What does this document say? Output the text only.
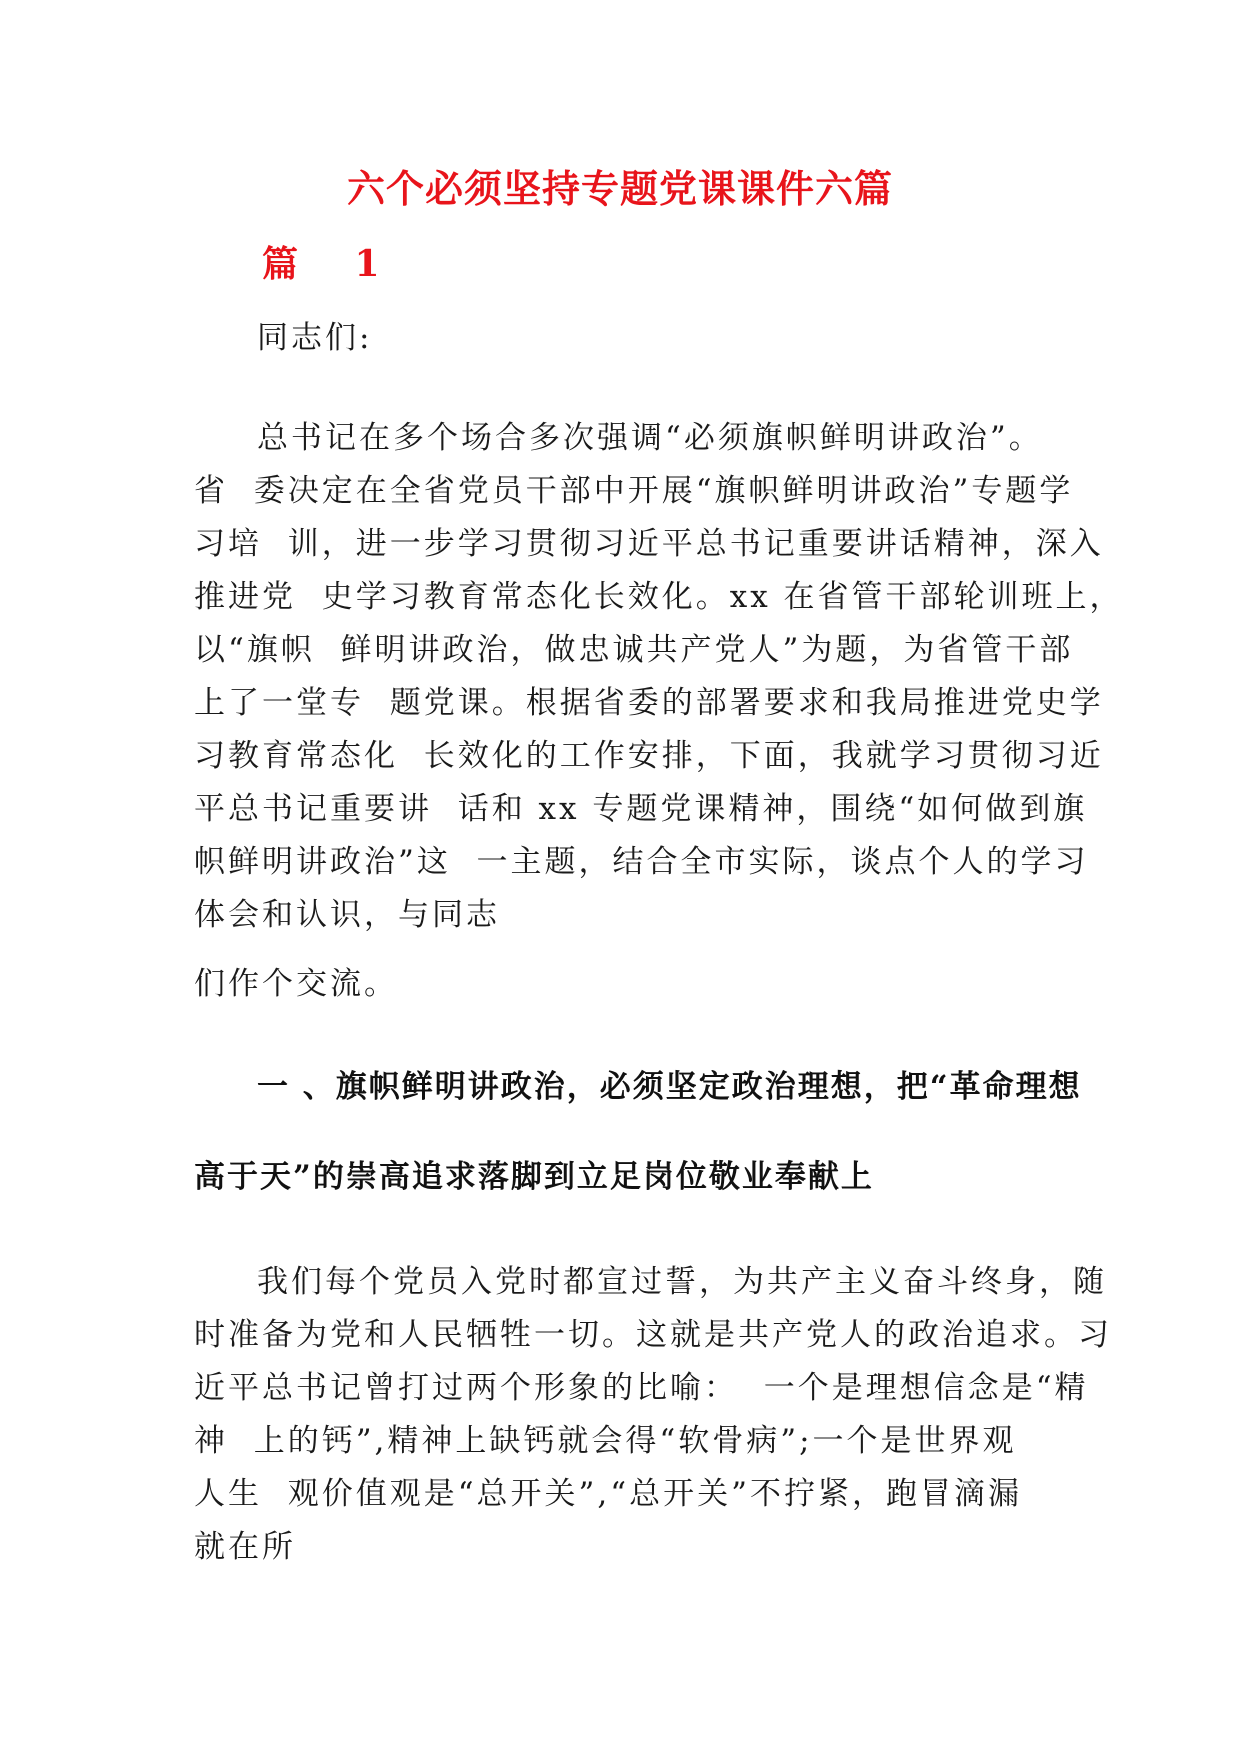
六个必须坚持专题党课课件六篇
篇 1
同志们:
总书记在多个场合多次强调“必须旗帜鲜明讲政治”。
省  委决定在全省党员干部中开展“旗帜鲜明讲政治”专题学
习培  训，进一步学习贯彻习近平总书记重要讲话精神，深入
推进党  史学习教育常态化长效化。xx 在省管干部轮训班上，
以“旗帜  鲜明讲政治，做忠诚共产党人”为题，为省管干部
上了一堂专  题党课。根据省委的部署要求和我局推进党史学
习教育常态化  长效化的工作安排，下面，我就学习贯彻习近
平总书记重要讲  话和 xx 专题党课精神，围绕“如何做到旗
帜鲜明讲政治”这  一主题，结合全市实际，谈点个人的学习
体会和认识，与同志
们作个交流。
一 、旗帜鲜明讲政治，必须坚定政治理想，把“革命理想
高于天”的崇高追求落脚到立足岗位敬业奉献上
我们每个党员入党时都宣过誓，为共产主义奋斗终身，随
时准备为党和人民牺牲一切。这就是共产党人的政治追求。习
近平总书记曾打过两个形象的比喻：  一个是理想信念是“精
神  上的钙”,精神上缺钙就会得“软骨病”;一个是世界观
人生  观价值观是“总开关”,“总开关”不拧紧，跑冒滴漏
就在所
